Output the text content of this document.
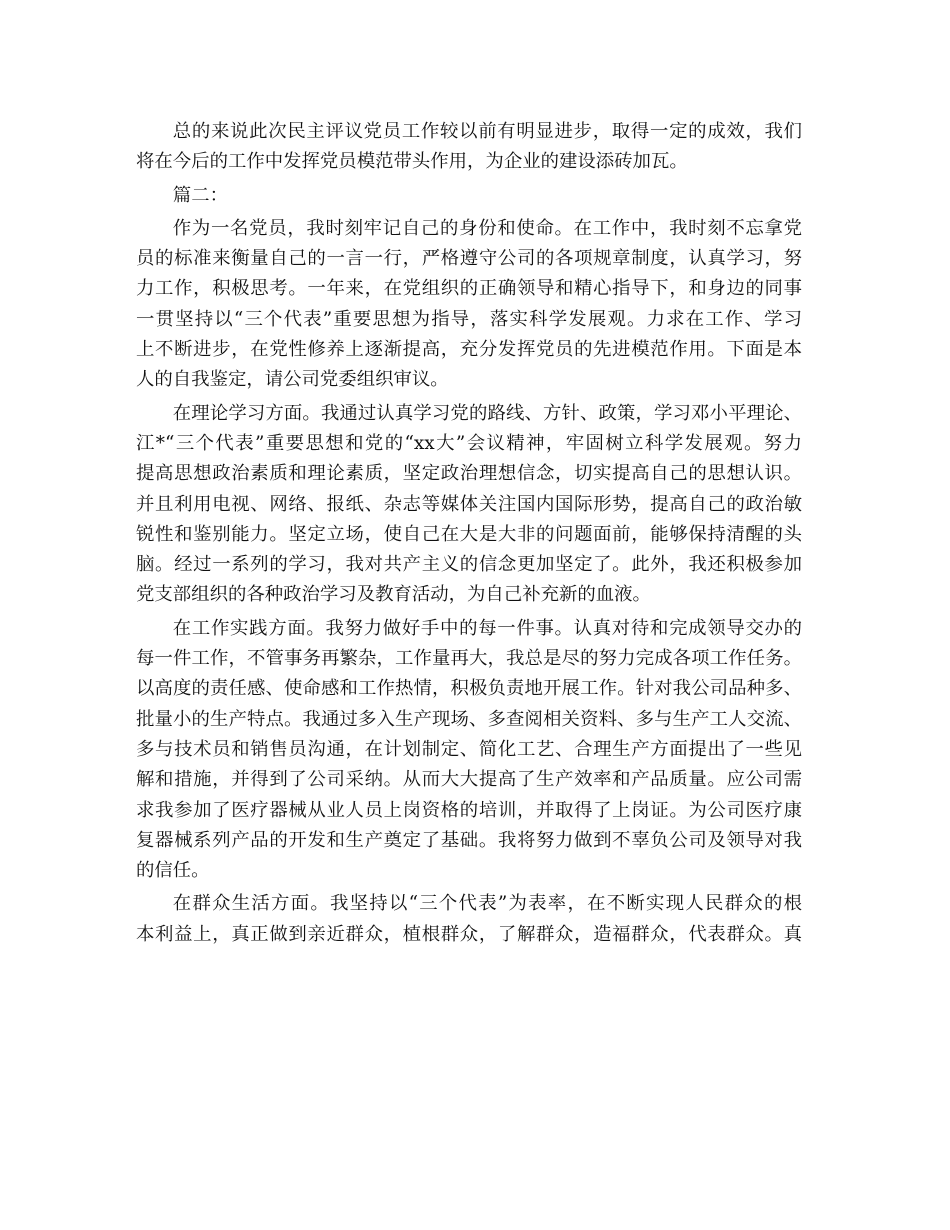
总的来说此次民主评议党员工作较以前有明显进步，取得一定的成效，我们
将在今后的工作中发挥党员模范带头作用，为企业的建设添砖加瓦。
篇二：
作为一名党员，我时刻牢记自己的身份和使命。在工作中，我时刻不忘拿党
员的标准来衡量自己的一言一行，严格遵守公司的各项规章制度，认真学习，努
力工作，积极思考。一年来，在党组织的正确领导和精心指导下，和身边的同事
一贯坚持以“三个代表”重要思想为指导，落实科学发展观。力求在工作、学习
上不断进步，在党性修养上逐渐提高，充分发挥党员的先进模范作用。下面是本
人的自我鉴定，请公司党委组织审议。
在理论学习方面。我通过认真学习党的路线、方针、政策，学习邓小平理论、
江*“三个代表”重要思想和党的“xx大”会议精神，牢固树立科学发展观。努力
提高思想政治素质和理论素质，坚定政治理想信念，切实提高自己的思想认识。
并且利用电视、网络、报纸、杂志等媒体关注国内国际形势，提高自己的政治敏
锐性和鉴别能力。坚定立场，使自己在大是大非的问题面前，能够保持清醒的头
脑。经过一系列的学习，我对共产主义的信念更加坚定了。此外，我还积极参加
党支部组织的各种政治学习及教育活动，为自己补充新的血液。
在工作实践方面。我努力做好手中的每一件事。认真对待和完成领导交办的
每一件工作，不管事务再繁杂，工作量再大，我总是尽的努力完成各项工作任务。
以高度的责任感、使命感和工作热情，积极负责地开展工作。针对我公司品种多、
批量小的生产特点。我通过多入生产现场、多查阅相关资料、多与生产工人交流、
多与技术员和销售员沟通，在计划制定、简化工艺、合理生产方面提出了一些见
解和措施，并得到了公司采纳。从而大大提高了生产效率和产品质量。应公司需
求我参加了医疗器械从业人员上岗资格的培训，并取得了上岗证。为公司医疗康
复器械系列产品的开发和生产奠定了基础。我将努力做到不辜负公司及领导对我
的信任。
在群众生活方面。我坚持以“三个代表”为表率，在不断实现人民群众的根
本利益上，真正做到亲近群众，植根群众，了解群众，造福群众，代表群众。真
